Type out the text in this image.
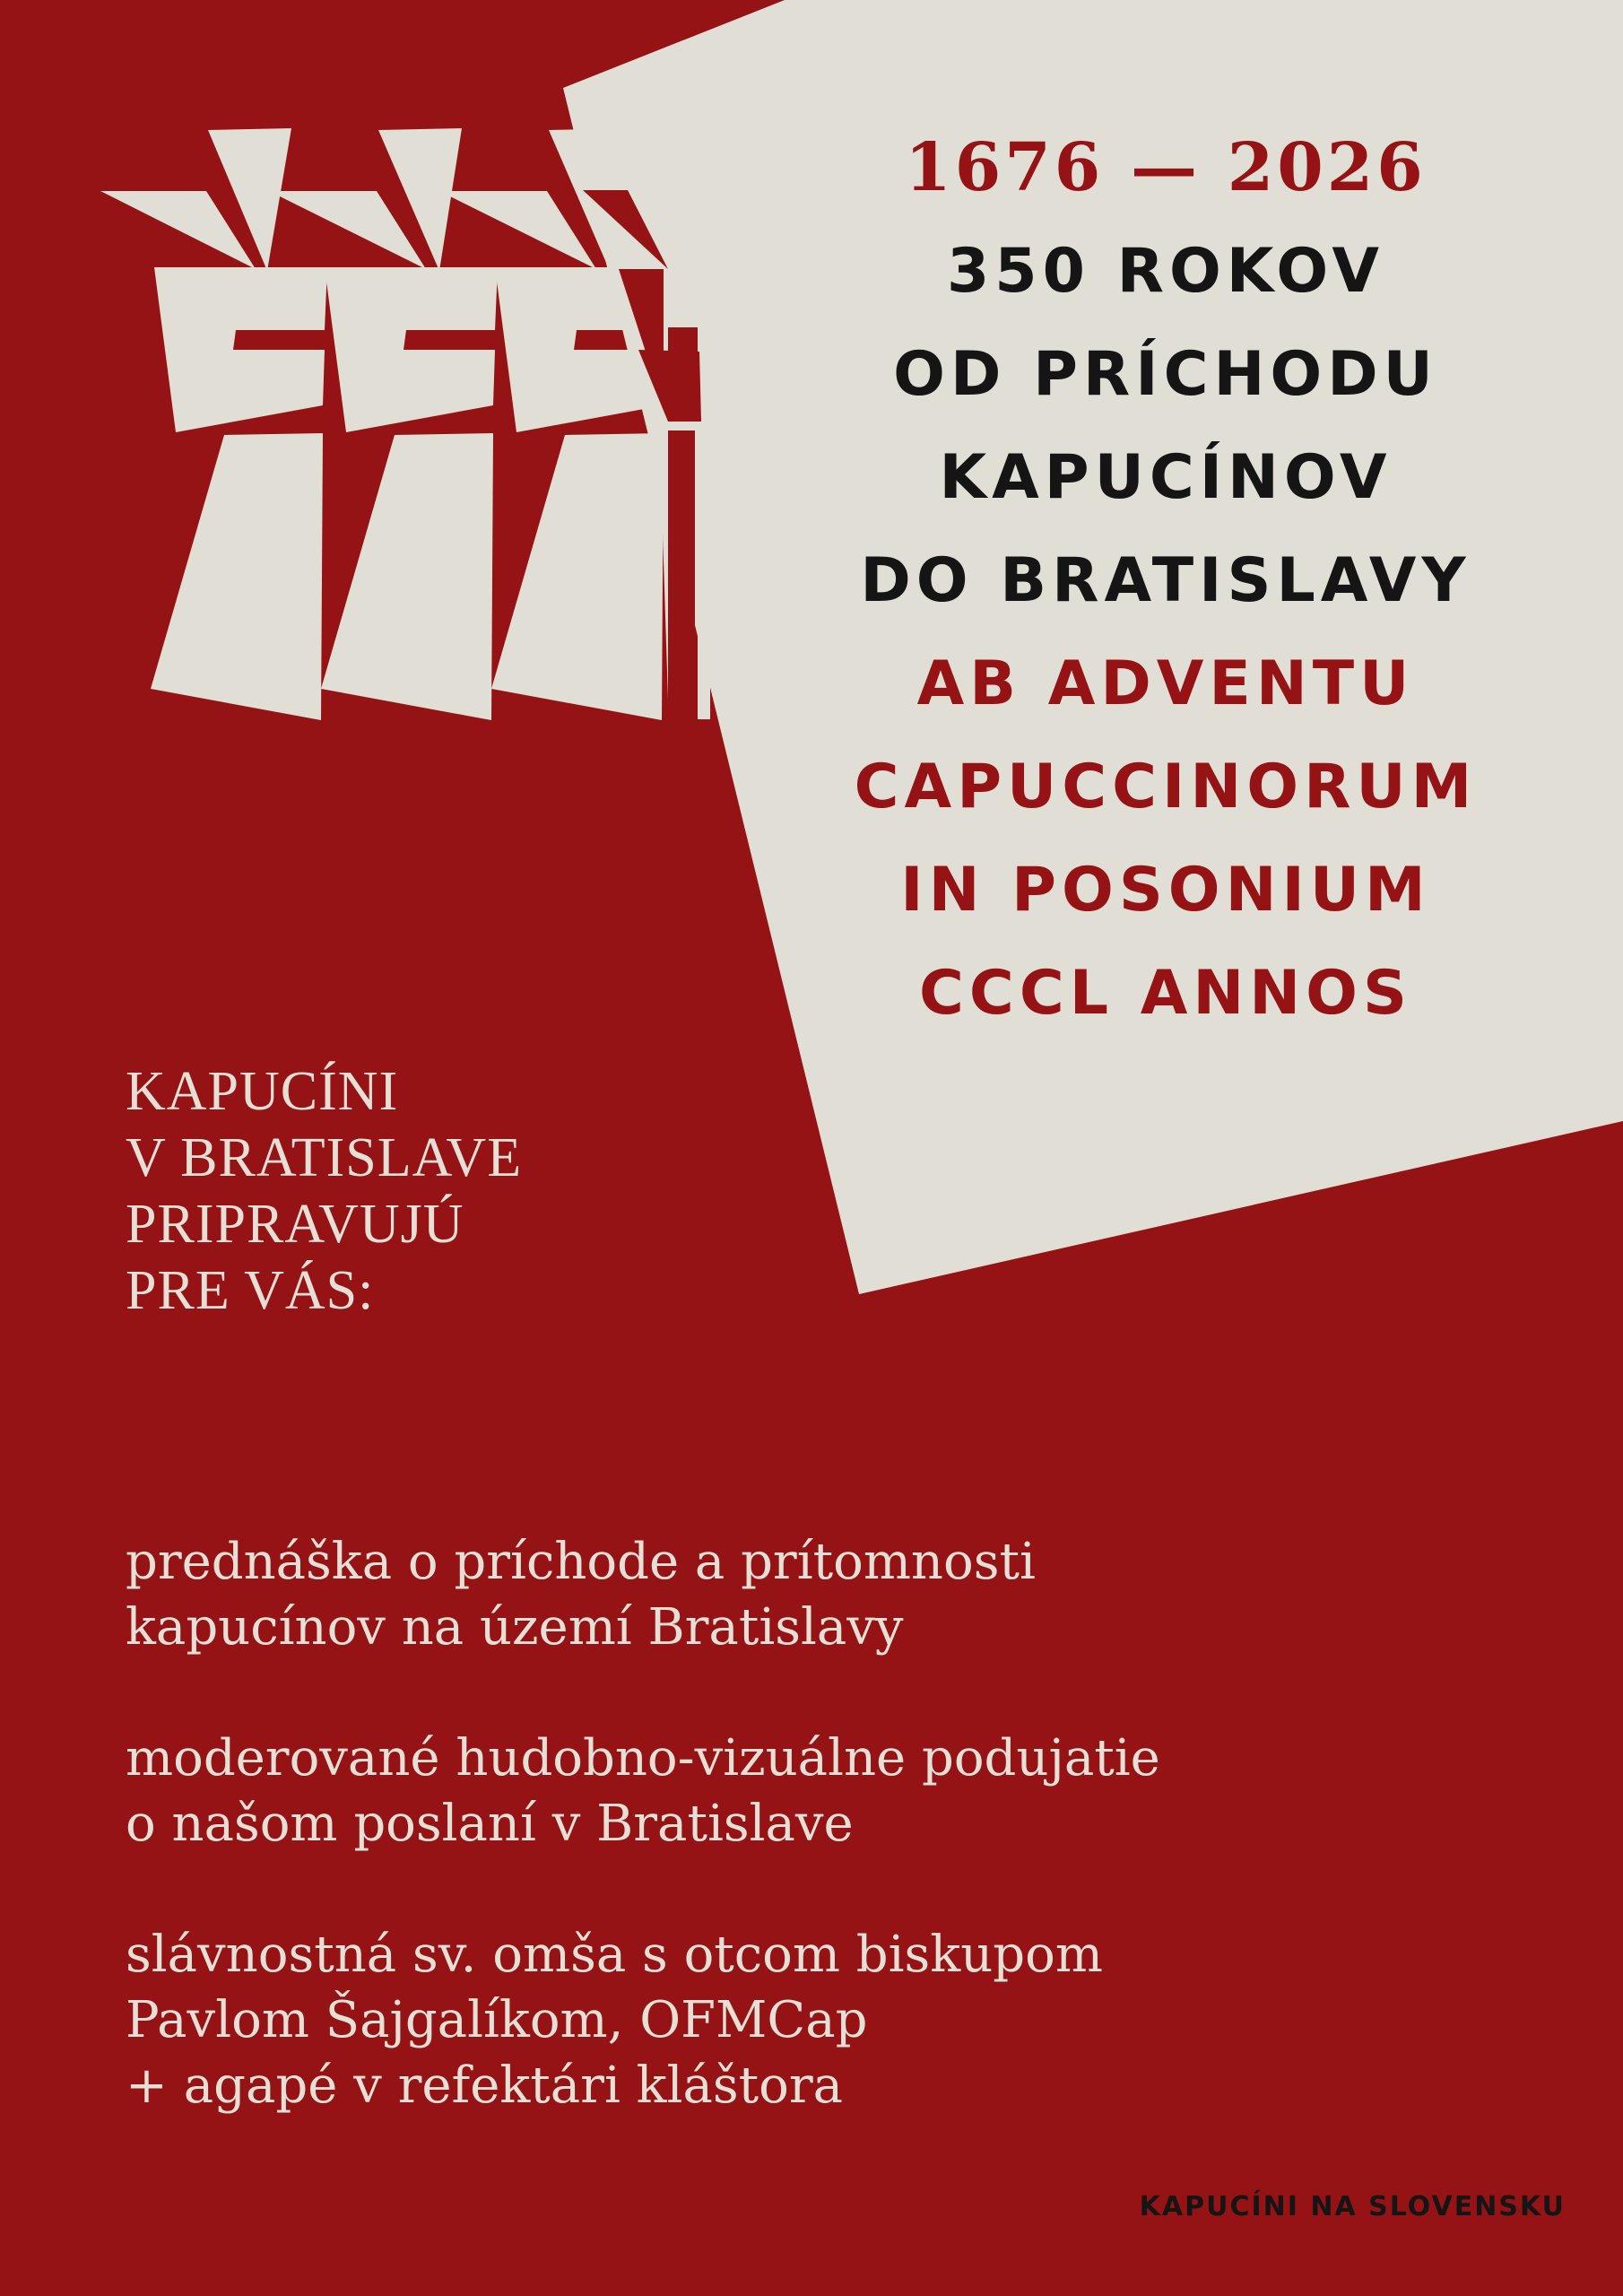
1676 — 2026
350 ROKOV
OD PRÍCHODU
KAPUCÍNOV
DO BRATISLAVY
AB ADVENTU
CAPUCCINORUM
IN POSONIUM
CCCL ANNOS
KAPUCÍNI
V BRATISLAVE
PRIPRAVUJÚ
PRE VÁS:
prednáška o príchode a prítomnosti
kapucínov na území Bratislavy
moderované hudobno-vizuálne podujatie
o našom poslaní v Bratislave
slávnostná sv. omša s otcom biskupom
Pavlom Šajgalíkom, OFMCap
+ agapé v refektári kláštora
KAPUCÍNI NA SLOVENSKU
